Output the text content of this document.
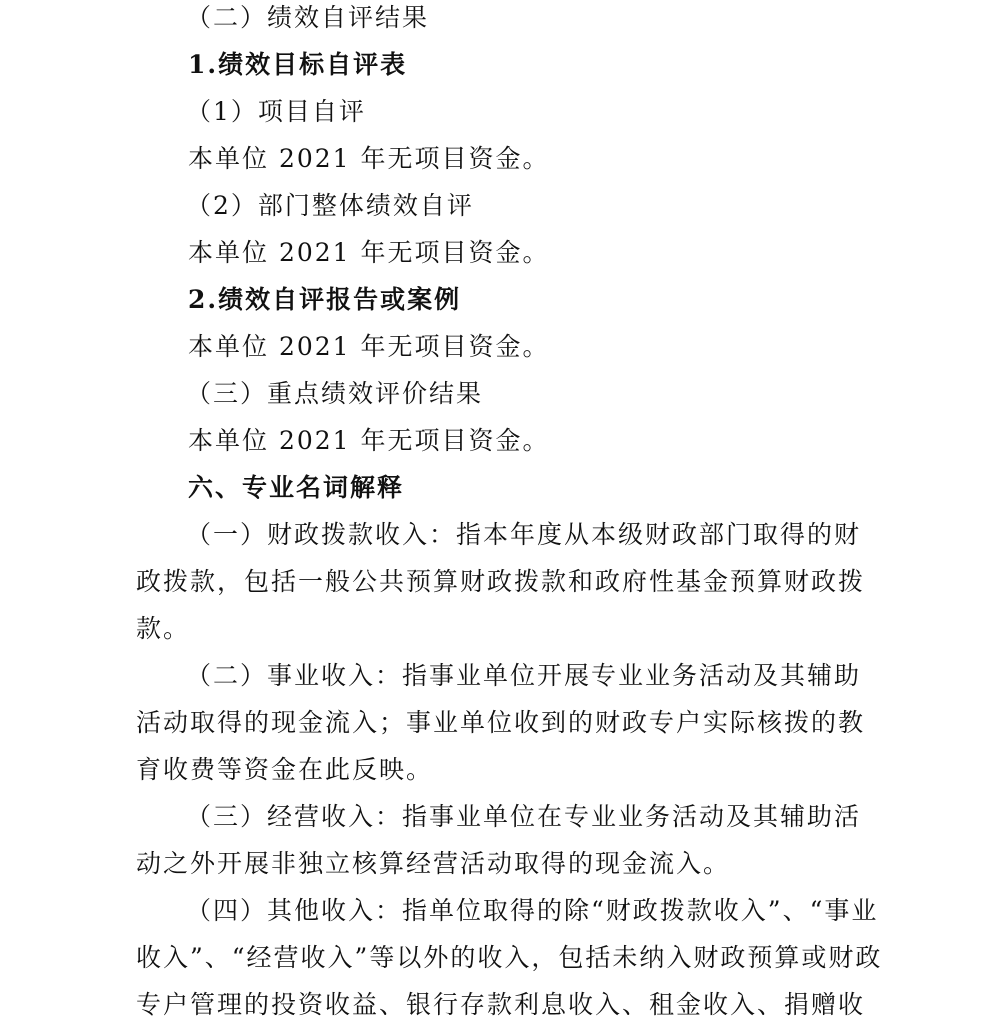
（二）绩效自评结果
1.绩效目标自评表
（1）项目自评
本单位 2021 年无项目资金。
（2）部门整体绩效自评
本单位 2021 年无项目资金。
2.绩效自评报告或案例
本单位 2021 年无项目资金。
（三）重点绩效评价结果
本单位 2021 年无项目资金。
六、专业名词解释
（一）财政拨款收入：指本年度从本级财政部门取得的财
政拨款，包括一般公共预算财政拨款和政府性基金预算财政拨
款。
（二）事业收入：指事业单位开展专业业务活动及其辅助
活动取得的现金流入；事业单位收到的财政专户实际核拨的教
育收费等资金在此反映。
（三）经营收入：指事业单位在专业业务活动及其辅助活
动之外开展非独立核算经营活动取得的现金流入。
（四）其他收入：指单位取得的除“财政拨款收入”、“事业
收入”、“经营收入”等以外的收入，包括未纳入财政预算或财政
专户管理的投资收益、银行存款利息收入、租金收入、捐赠收
